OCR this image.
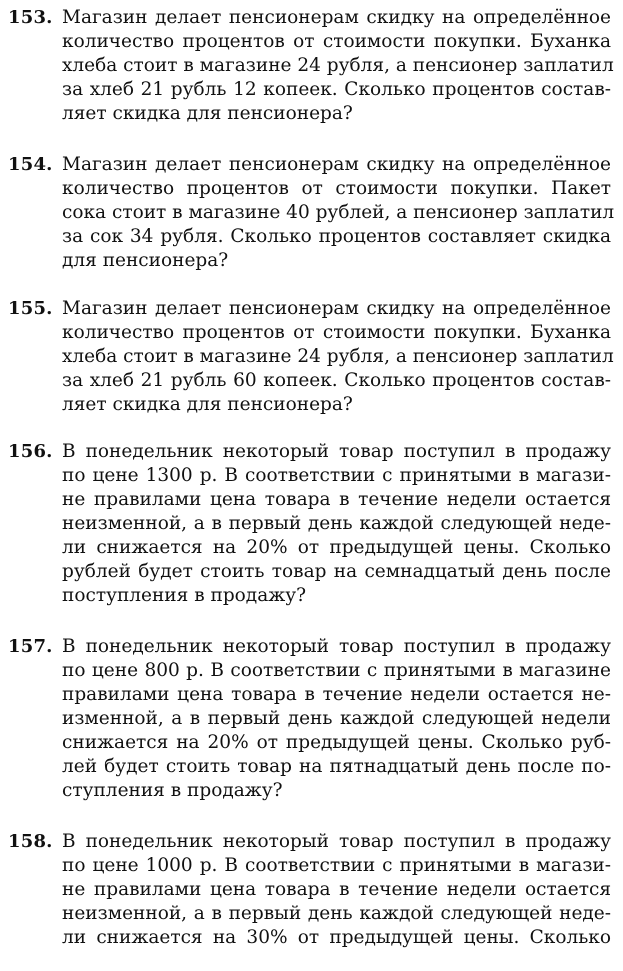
153. Магазин делает пенсионерам скидку на определённое
количество процентов от стоимости покупки. Буханка
хлеба стоит в магазине 24 рубля, а пенсионер заплатил
за хлеб 21 рубль 12 копеек. Сколько процентов состав-
ляет скидка для пенсионера?
154. Магазин делает пенсионерам скидку на определённое
количество процентов от стоимости покупки. Пакет
сока стоит в магазине 40 рублей, а пенсионер заплатил
за сок 34 рубля. Сколько процентов составляет скидка
для пенсионера?
155. Магазин делает пенсионерам скидку на определённое
количество процентов от стоимости покупки. Буханка
хлеба стоит в магазине 24 рубля, а пенсионер заплатил
за хлеб 21 рубль 60 копеек. Сколько процентов состав-
ляет скидка для пенсионера?
156. В понедельник некоторый товар поступил в продажу
по цене 1300 р. В соответствии с принятыми в магази-
не правилами цена товара в течение недели остается
неизменной, а в первый день каждой следующей неде-
ли снижается на 20% от предыдущей цены. Сколько
рублей будет стоить товар на семнадцатый день после
поступления в продажу?
157. В понедельник некоторый товар поступил в продажу
по цене 800 р. В соответствии с принятыми в магазине
правилами цена товара в течение недели остается не-
изменной, а в первый день каждой следующей недели
снижается на 20% от предыдущей цены. Сколько руб-
лей будет стоить товар на пятнадцатый день после по-
ступления в продажу?
158. В понедельник некоторый товар поступил в продажу
по цене 1000 р. В соответствии с принятыми в магази-
не правилами цена товара в течение недели остается
неизменной, а в первый день каждой следующей неде-
ли снижается на 30% от предыдущей цены. Сколько
